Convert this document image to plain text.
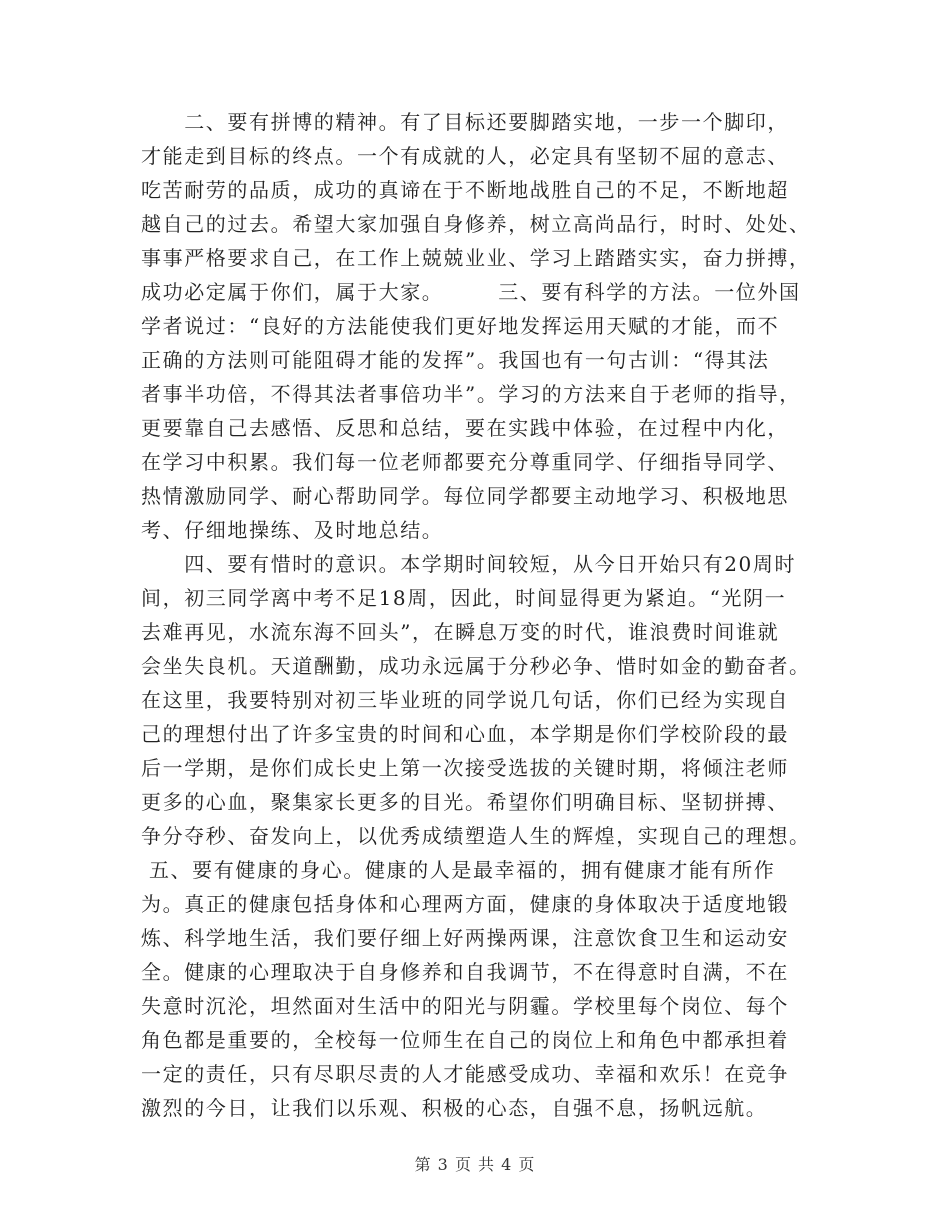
　　二、要有拼博的精神。有了目标还要脚踏实地，一步一个脚印，
才能走到目标的终点。一个有成就的人，必定具有坚韧不屈的意志、
吃苦耐劳的品质，成功的真谛在于不断地战胜自己的不足，不断地超
越自己的过去。希望大家加强自身修养，树立高尚品行，时时、处处、
事事严格要求自己，在工作上兢兢业业、学习上踏踏实实，奋力拼搏，
成功必定属于你们，属于大家。　　　三、要有科学的方法。一位外国
学者说过：“良好的方法能使我们更好地发挥运用天赋的才能，而不
正确的方法则可能阻碍才能的发挥”。我国也有一句古训：“得其法
者事半功倍，不得其法者事倍功半”。学习的方法来自于老师的指导，
更要靠自己去感悟、反思和总结，要在实践中体验，在过程中内化，
在学习中积累。我们每一位老师都要充分尊重同学、仔细指导同学、
热情激励同学、耐心帮助同学。每位同学都要主动地学习、积极地思
考、仔细地操练、及时地总结。
　　四、要有惜时的意识。本学期时间较短，从今日开始只有20周时
间，初三同学离中考不足18周，因此，时间显得更为紧迫。“光阴一
去难再见，水流东海不回头”，在瞬息万变的时代，谁浪费时间谁就
会坐失良机。天道酬勤，成功永远属于分秒必争、惜时如金的勤奋者。
在这里，我要特别对初三毕业班的同学说几句话，你们已经为实现自
己的理想付出了许多宝贵的时间和心血，本学期是你们学校阶段的最
后一学期，是你们成长史上第一次接受选拔的关键时期，将倾注老师
更多的心血，聚集家长更多的目光。希望你们明确目标、坚韧拼搏、
争分夺秒、奋发向上，以优秀成绩塑造人生的辉煌，实现自己的理想。
五、要有健康的身心。健康的人是最幸福的，拥有健康才能有所作
为。真正的健康包括身体和心理两方面，健康的身体取决于适度地锻
炼、科学地生活，我们要仔细上好两操两课，注意饮食卫生和运动安
全。健康的心理取决于自身修养和自我调节，不在得意时自满，不在
失意时沉沦，坦然面对生活中的阳光与阴霾。学校里每个岗位、每个
角色都是重要的，全校每一位师生在自己的岗位上和角色中都承担着
一定的责任，只有尽职尽责的人才能感受成功、幸福和欢乐！在竞争
激烈的今日，让我们以乐观、积极的心态，自强不息，扬帆远航。
第 3 页 共 4 页
